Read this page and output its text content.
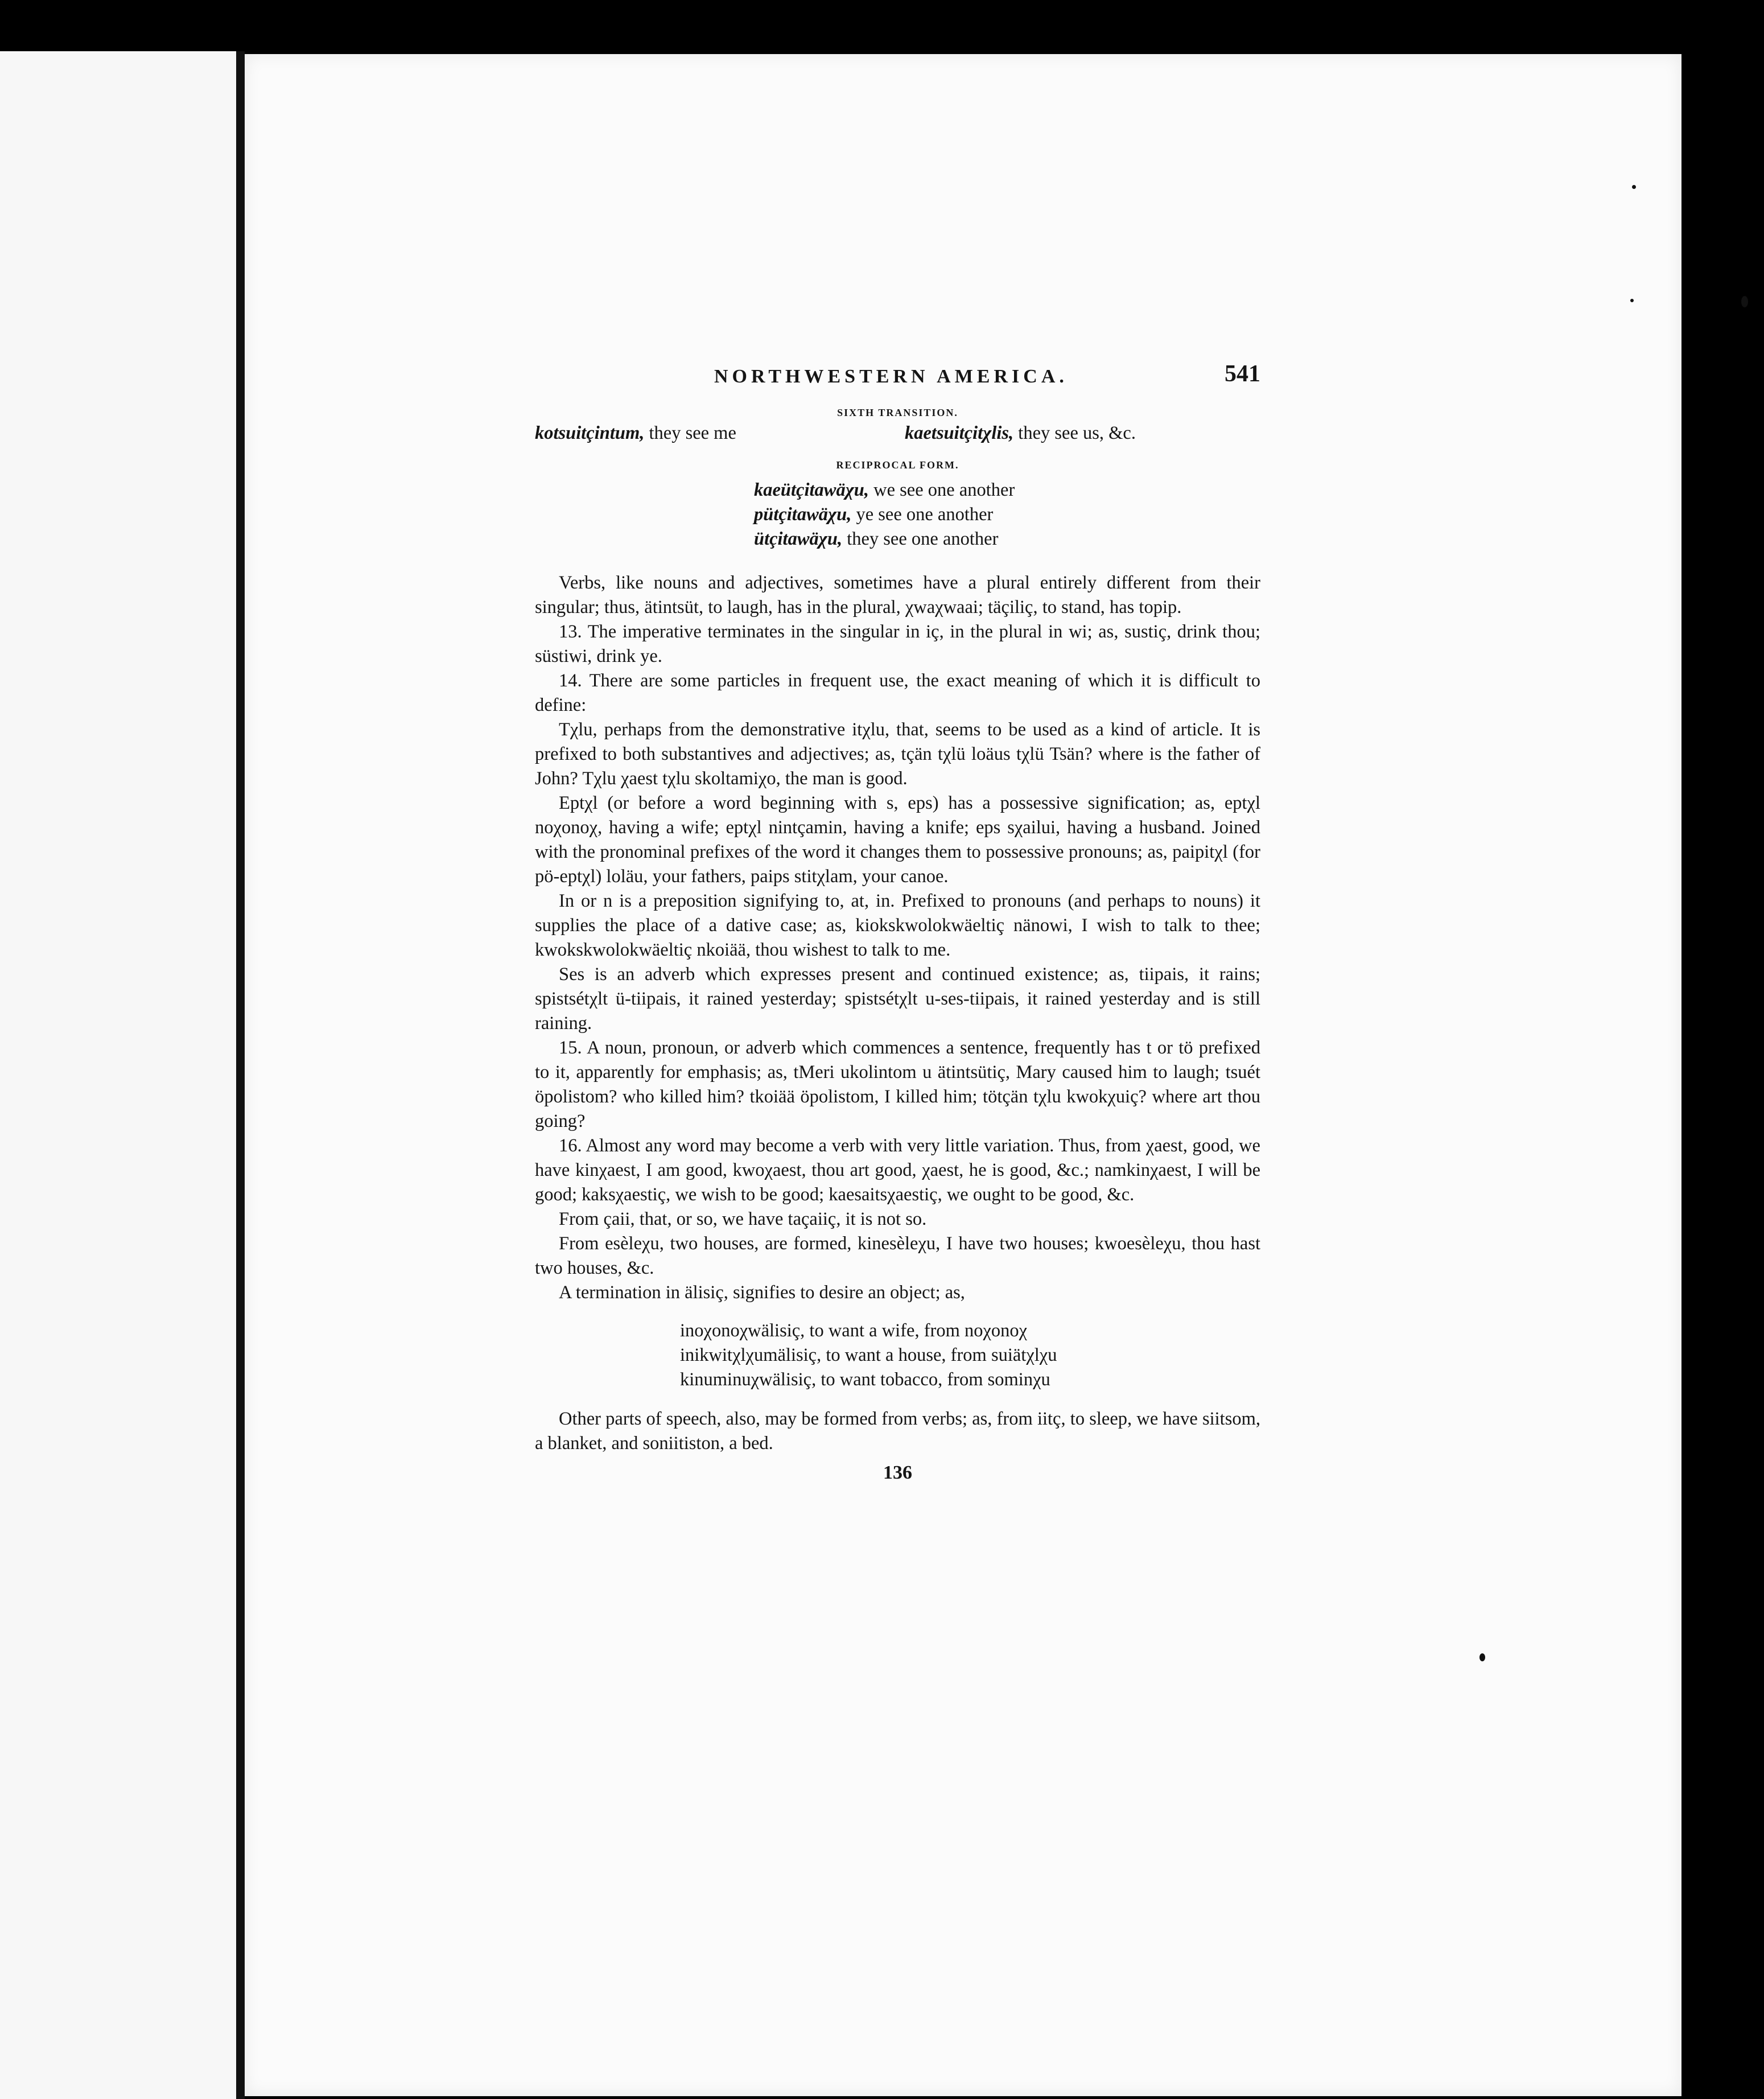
NORTHWESTERN AMERICA.	541
SIXTH TRANSITION.
kotsuitçintum, they see me	kaetsuitçitχlis, they see us, &c.
RECIPROCAL FORM.
kaeütçitawäχu, we see one another
pütçitawäχu, ye see one another
ütçitawäχu, they see one another

Verbs, like nouns and adjectives, sometimes have a plural entirely different from their singular; thus, ätintsüt, to laugh, has in the plural, χwaχwaai; täçiliç, to stand, has topip.

13. The imperative terminates in the singular in iç, in the plural in wi; as, sustiç, drink thou; süstiwi, drink ye.

14. There are some particles in frequent use, the exact meaning of which it is difficult to define:

Tχlu, perhaps from the demonstrative itχlu, that, seems to be used as a kind of article. It is prefixed to both substantives and adjectives; as, tçän tχlü loäus tχlü Tsän? where is the father of John? Tχlu χaest tχlu skoltamiχo, the man is good.

Eptχl (or before a word beginning with s, eps) has a possessive signification; as, eptχl noχonoχ, having a wife; eptχl nintçamin, having a knife; eps sχailui, having a husband. Joined with the pronominal prefixes of the word it changes them to possessive pronouns; as, paipitχl (for pö-eptχl) loläu, your fathers, paips stitχlam, your canoe.

In or n is a preposition signifying to, at, in. Prefixed to pronouns (and perhaps to nouns) it supplies the place of a dative case; as, kiokskwolokwäeltiç nänowi, I wish to talk to thee; kwokskwolokwäeltiç nkoiää, thou wishest to talk to me.

Ses is an adverb which expresses present and continued existence; as, tiipais, it rains; spistsétχlt ü-tiipais, it rained yesterday; spistsétχlt u-ses-tiipais, it rained yesterday and is still raining.

15. A noun, pronoun, or adverb which commences a sentence, frequently has t or tö prefixed to it, apparently for emphasis; as, tMeri ukolintom u ätintsütiç, Mary caused him to laugh; tsuét öpolistom? who killed him? tkoiää öpolistom, I killed him; tötçän tχlu kwokχuiç? where art thou going?

16. Almost any word may become a verb with very little variation. Thus, from χaest, good, we have kinχaest, I am good, kwoχaest, thou art good, χaest, he is good, &c.; namkinχaest, I will be good; kaksχaestiç, we wish to be good; kaesaitsχaestiç, we ought to be good, &c.

From çaii, that, or so, we have taçaiiç, it is not so.

From esèleχu, two houses, are formed, kinesèleχu, I have two houses; kwoesèleχu, thou hast two houses, &c.

A termination in älisiç, signifies to desire an object; as,

inoχonoχwälisiç, to want a wife, from noχonoχ
inikwitχlχumälisiç, to want a house, from suiätχlχu
kinuminuχwälisiç, to want tobacco, from sominχu

Other parts of speech, also, may be formed from verbs; as, from iitç, to sleep, we have siitsom, a blanket, and soniitiston, a bed.

136
